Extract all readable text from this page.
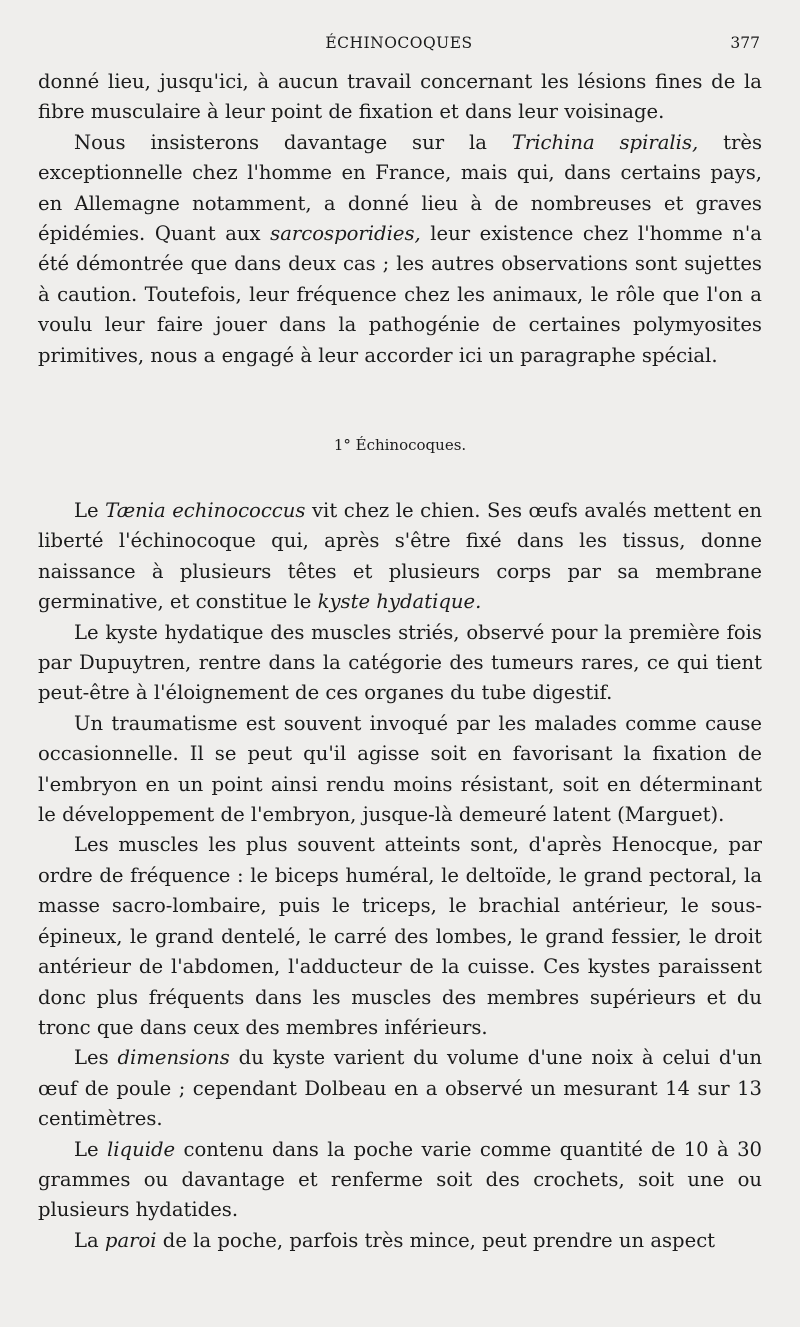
ÉCHINOCOQUES	377

donné lieu, jusqu'ici, à aucun travail concernant les lésions fines de la fibre musculaire à leur point de fixation et dans leur voisinage.

Nous insisterons davantage sur la Trichina spiralis, très exceptionnelle chez l'homme en France, mais qui, dans certains pays, en Allemagne notamment, a donné lieu à de nombreuses et graves épidémies. Quant aux sarcosporidies, leur existence chez l'homme n'a été démontrée que dans deux cas ; les autres observations sont sujettes à caution. Toutefois, leur fréquence chez les animaux, le rôle que l'on a voulu leur faire jouer dans la pathogénie de certaines polymyosites primitives, nous a engagé à leur accorder ici un paragraphe spécial.

1° Échinocoques.

Le Tænia echinococcus vit chez le chien. Ses œufs avalés mettent en liberté l'échinocoque qui, après s'être fixé dans les tissus, donne naissance à plusieurs têtes et plusieurs corps par sa membrane germinative, et constitue le kyste hydatique.

Le kyste hydatique des muscles striés, observé pour la première fois par Dupuytren, rentre dans la catégorie des tumeurs rares, ce qui tient peut-être à l'éloignement de ces organes du tube digestif.

Un traumatisme est souvent invoqué par les malades comme cause occasionnelle. Il se peut qu'il agisse soit en favorisant la fixation de l'embryon en un point ainsi rendu moins résistant, soit en déterminant le développement de l'embryon, jusque-là demeuré latent (Marguet).

Les muscles les plus souvent atteints sont, d'après Henocque, par ordre de fréquence : le biceps huméral, le deltoïde, le grand pectoral, la masse sacro-lombaire, puis le triceps, le brachial antérieur, le sous-épineux, le grand dentelé, le carré des lombes, le grand fessier, le droit antérieur de l'abdomen, l'adducteur de la cuisse. Ces kystes paraissent donc plus fréquents dans les muscles des membres supérieurs et du tronc que dans ceux des membres inférieurs.

Les dimensions du kyste varient du volume d'une noix à celui d'un œuf de poule ; cependant Dolbeau en a observé un mesurant 14 sur 13 centimètres.

Le liquide contenu dans la poche varie comme quantité de 10 à 30 grammes ou davantage et renferme soit des crochets, soit une ou plusieurs hydatides.

La paroi de la poche, parfois très mince, peut prendre un aspect
